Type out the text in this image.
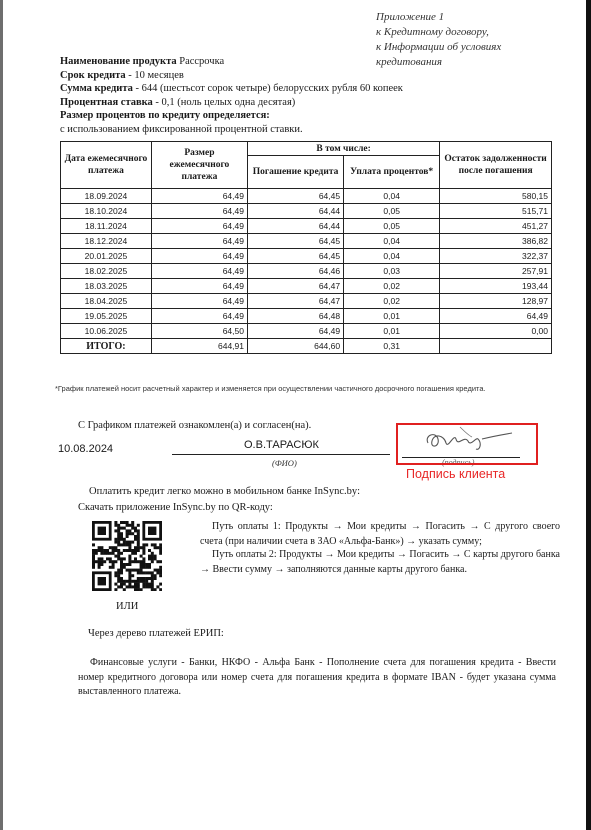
Приложение 1
к Кредитному договору,
к Информации об условиях кредитования
Наименование продукта Рассрочка
Срок кредита - 10 месяцев
Сумма кредита - 644 (шестьсот сорок четыре) белорусских рубля 60 копеек
Процентная ставка - 0,1 (ноль целых одна десятая)
Размер процентов по кредиту определяется:
с использованием фиксированной процентной ставки.
Дата ежемесячного платежа	Размер ежемесячного платежа	В том числе:		Остаток задолженности после погашения
		Погашение кредита	Уплата процентов*	
18.09.2024	64,49	64,45	0,04	580,15
18.10.2024	64,49	64,44	0,05	515,71
18.11.2024	64,49	64,44	0,05	451,27
18.12.2024	64,49	64,45	0,04	386,82
20.01.2025	64,49	64,45	0,04	322,37
18.02.2025	64,49	64,46	0,03	257,91
18.03.2025	64,49	64,47	0,02	193,44
18.04.2025	64,49	64,47	0,02	128,97
19.05.2025	64,49	64,48	0,01	64,49
10.06.2025	64,50	64,49	0,01	0,00
ИТОГО:	644,91	644,60	0,31	
*График платежей носит расчетный характер и изменяется при осуществлении частичного досрочного погашения кредита.
С Графиком платежей ознакомлен(а) и согласен(на).
10.08.2024	О.В.ТАРАСЮК
(ФИО)	(подпись)
Подпись клиента
Оплатить кредит легко можно в мобильном банке InSync.by:
Скачать приложение InSync.by по QR-коду:
Путь оплаты 1: Продукты → Мои кредиты → Погасить → С другого своего счета (при наличии счета в ЗАО «Альфа-Банк») → указать сумму;
Путь оплаты 2: Продукты → Мои кредиты → Погасить → С карты другого банка → Ввести сумму → заполняются данные карты другого банка.
ИЛИ
Через дерево платежей ЕРИП:
Финансовые услуги - Банки, НКФО - Альфа Банк - Пополнение счета для погашения кредита - Ввести номер кредитного договора или номер счета для погашения кредита в формате IBAN - будет указана сумма выставленного платежа.
